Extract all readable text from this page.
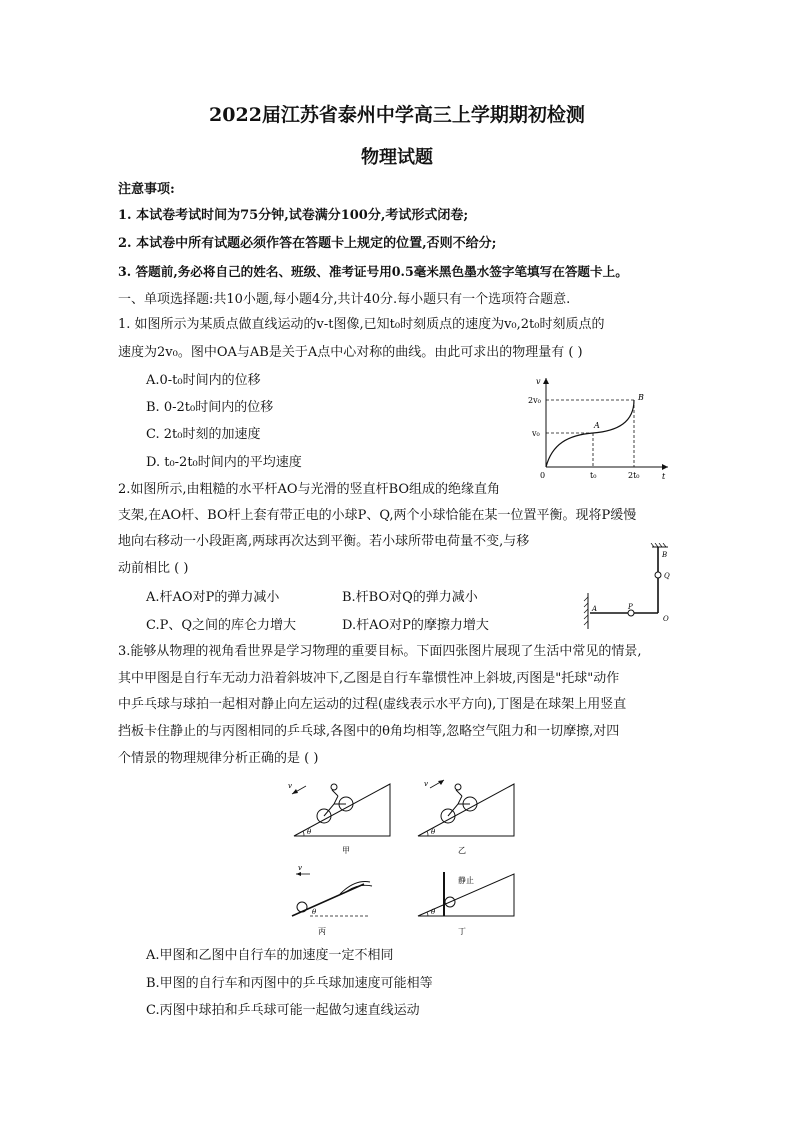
2022届江苏省泰州中学高三上学期期初检测
物理试题
注意事项:
1. 本试卷考试时间为75分钟,试卷满分100分,考试形式闭卷;
2. 本试卷中所有试题必须作答在答题卡上规定的位置,否则不给分;
3. 答题前,务必将自己的姓名、班级、准考证号用0.5毫米黑色墨水签字笔填写在答题卡上。
一、单项选择题:共10小题,每小题4分,共计40分.每小题只有一个选项符合题意.
1. 如图所示为某质点做直线运动的v-t图像,已知t₀时刻质点的速度为v₀,2t₀时刻质点的
速度为2v₀。图中OA与AB是关于A点中心对称的曲线。由此可求出的物理量有 ( )
A.0-t₀时间内的位移
B. 0-2t₀时间内的位移
C. 2t₀时刻的加速度
D. t₀-2t₀时间内的平均速度
v
t
0
2v₀
v₀
t₀	2t₀
A
B
2.如图所示,由粗糙的水平杆AO与光滑的竖直杆BO组成的绝缘直角
支架,在AO杆、BO杆上套有带正电的小球P、Q,两个小球恰能在某一位置平衡。现将P缓慢
地向右移动一小段距离,两球再次达到平衡。若小球所带电荷量不变,与移
动前相比 ( )
A.杆AO对P的弹力减小	B.杆BO对Q的弹力减小
C.P、Q之间的库仑力增大	D.杆AO对P的摩擦力增大
B
Q
A	P
O
3.能够从物理的视角看世界是学习物理的重要目标。下面四张图片展现了生活中常见的情景,
其中甲图是自行车无动力沿着斜坡冲下,乙图是自行车靠惯性冲上斜坡,丙图是"托球"动作
中乒乓球与球拍一起相对静止向左运动的过程(虚线表示水平方向),丁图是在球架上用竖直
挡板卡住静止的与丙图相同的乒乓球,各图中的θ角均相等,忽略空气阻力和一切摩擦,对四
个情景的物理规律分析正确的是 ( )
θ
v
甲
θ
v
乙
v
θ
丙
θ
静止
丁
A.甲图和乙图中自行车的加速度一定不相同
B.甲图的自行车和丙图中的乒乓球加速度可能相等
C.丙图中球拍和乒乓球可能一起做匀速直线运动
